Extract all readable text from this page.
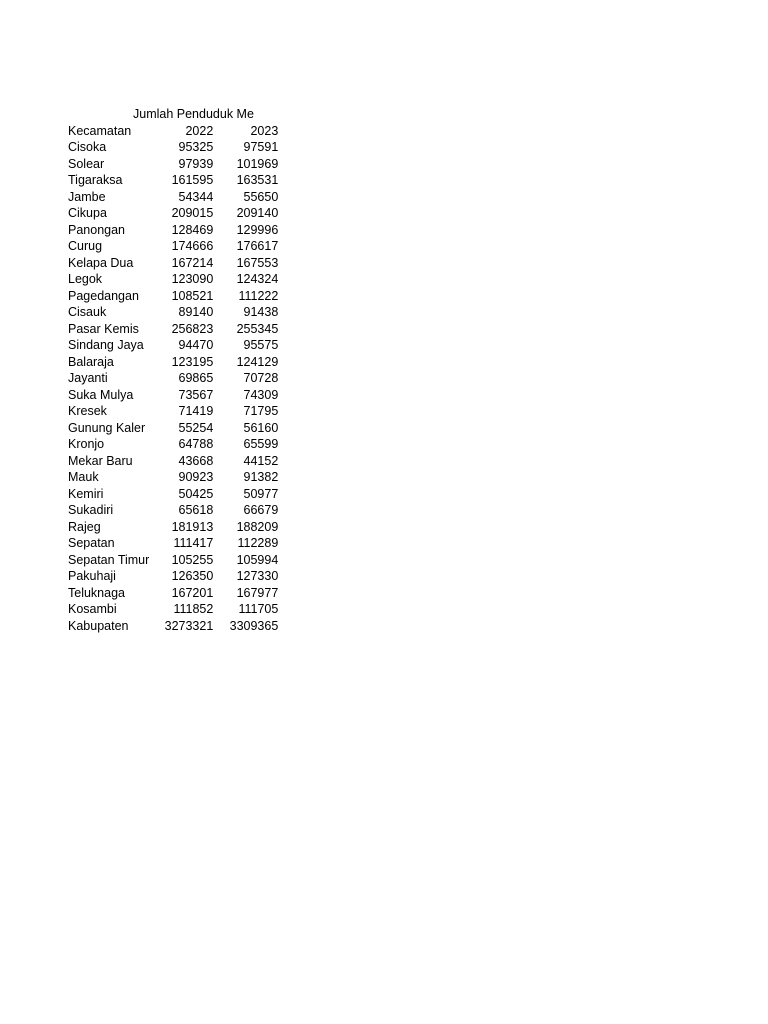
Jumlah Penduduk Me
Kecamatan	2022	2023
Cisoka	95325	97591
Solear	97939	101969
Tigaraksa	161595	163531
Jambe	54344	55650
Cikupa	209015	209140
Panongan	128469	129996
Curug	174666	176617
Kelapa Dua	167214	167553
Legok	123090	124324
Pagedangan	108521	111222
Cisauk	89140	91438
Pasar Kemis	256823	255345
Sindang Jaya	94470	95575
Balaraja	123195	124129
Jayanti	69865	70728
Suka Mulya	73567	74309
Kresek	71419	71795
Gunung Kaler	55254	56160
Kronjo	64788	65599
Mekar Baru	43668	44152
Mauk	90923	91382
Kemiri	50425	50977
Sukadiri	65618	66679
Rajeg	181913	188209
Sepatan	111417	112289
Sepatan Timur	105255	105994
Pakuhaji	126350	127330
Teluknaga	167201	167977
Kosambi	111852	111705
Kabupaten	3273321	3309365
